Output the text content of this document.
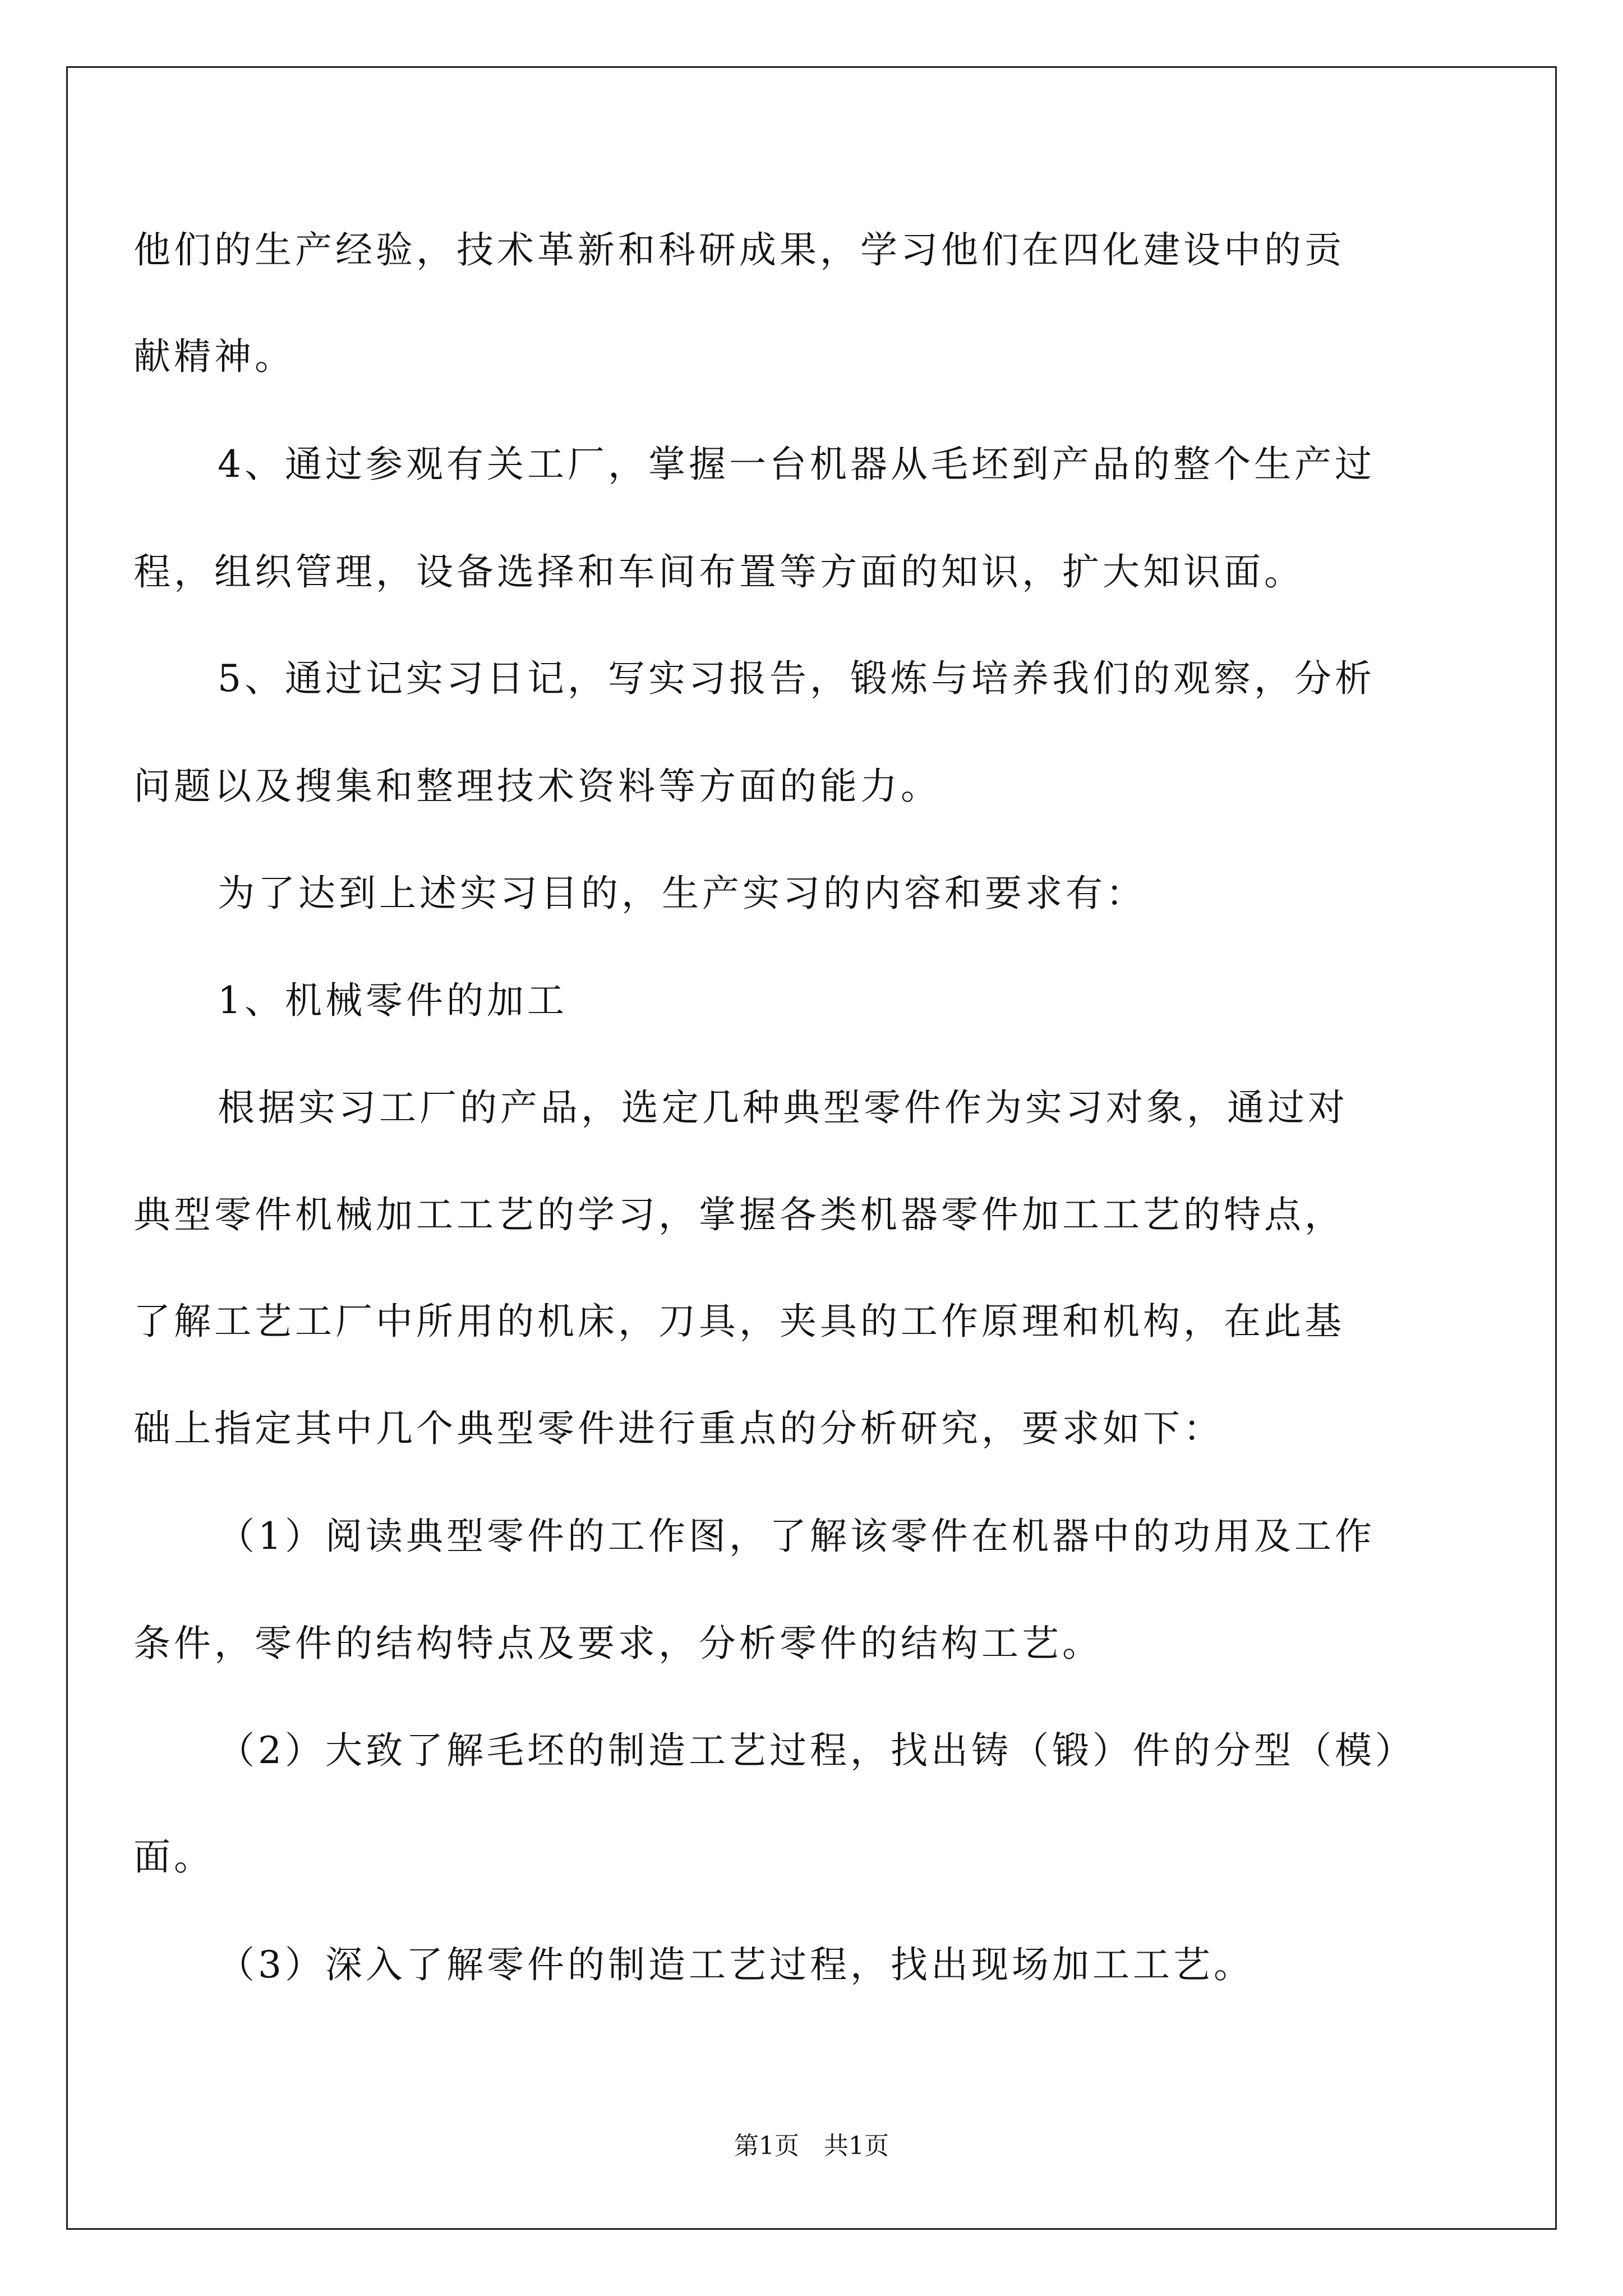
他们的生产经验，技术革新和科研成果，学习他们在四化建设中的贡
献精神。
4、通过参观有关工厂，掌握一台机器从毛坯到产品的整个生产过
程，组织管理，设备选择和车间布置等方面的知识，扩大知识面。
5、通过记实习日记，写实习报告，锻炼与培养我们的观察，分析
问题以及搜集和整理技术资料等方面的能力。
为了达到上述实习目的，生产实习的内容和要求有：
1、机械零件的加工
根据实习工厂的产品，选定几种典型零件作为实习对象，通过对
典型零件机械加工工艺的学习，掌握各类机器零件加工工艺的特点，
了解工艺工厂中所用的机床，刀具，夹具的工作原理和机构，在此基
础上指定其中几个典型零件进行重点的分析研究，要求如下：
（1）阅读典型零件的工作图，了解该零件在机器中的功用及工作
条件，零件的结构特点及要求，分析零件的结构工艺。
（2）大致了解毛坯的制造工艺过程，找出铸（锻）件的分型（模）
面。
（3）深入了解零件的制造工艺过程，找出现场加工工艺。
第1页　共1页
